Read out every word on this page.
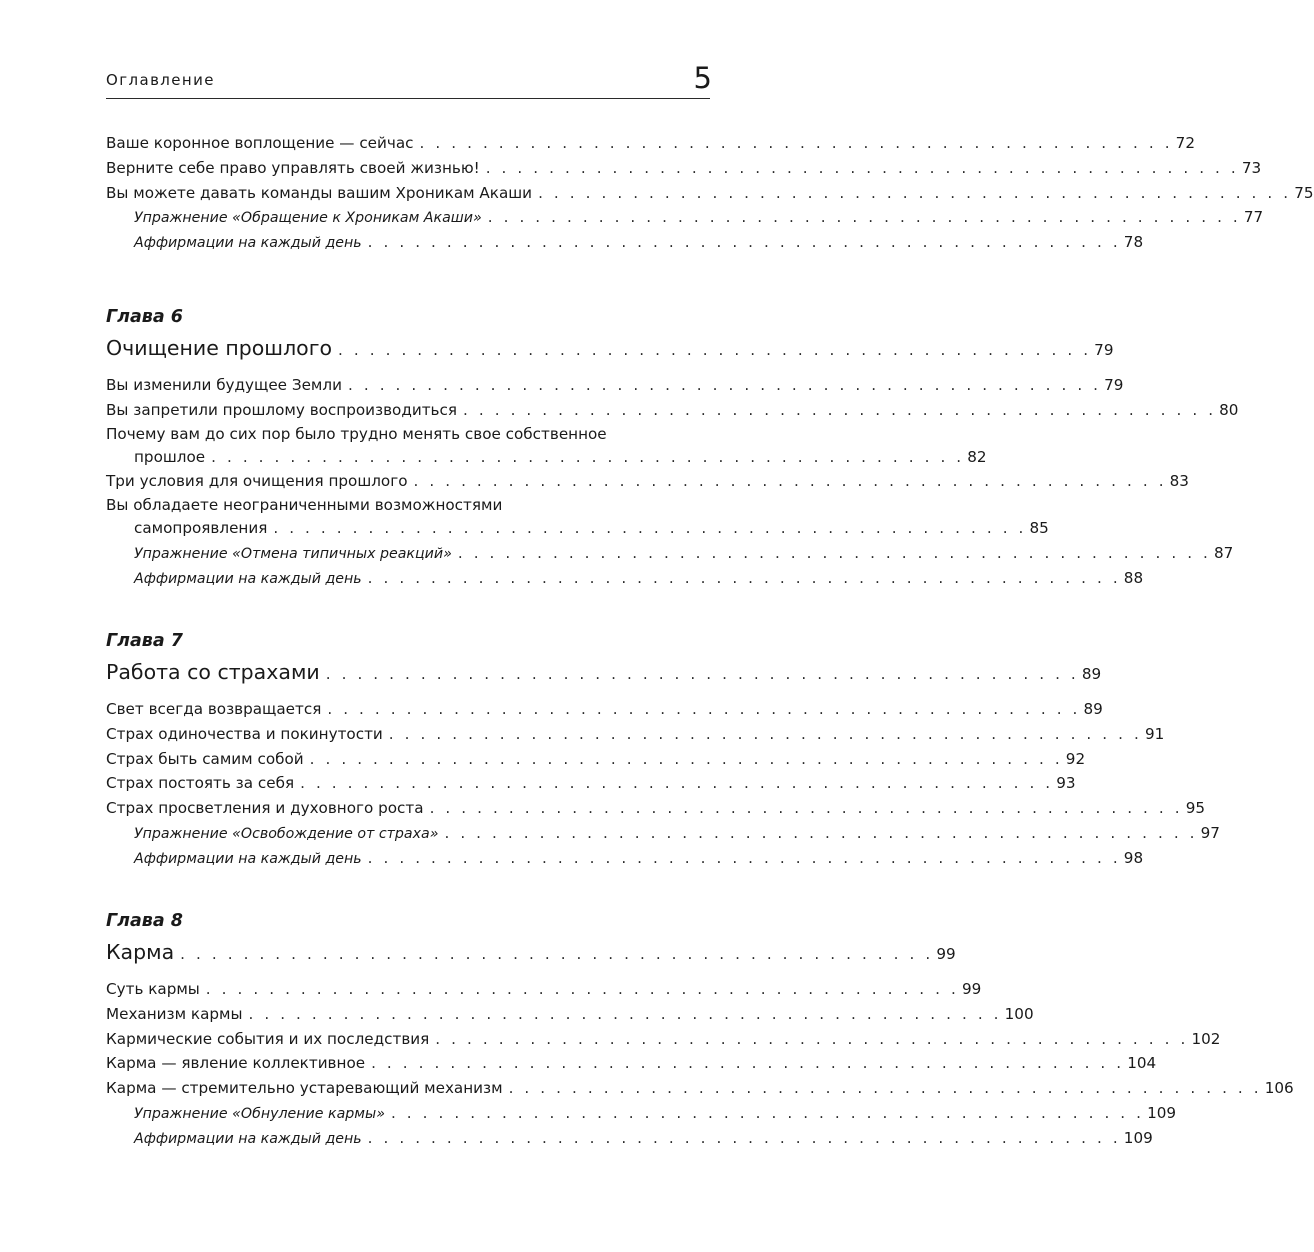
Оглавление	5
Ваше коронное воплощение — сейчас . . . . . . . . . . . . . . . . . . . . . . . . . . . . . . . . . . . . . . . . . . . . . . . . 72
Верните себе право управлять своей жизнью! . . . . . . . . . . . . . . . . . . . . . . . . . . . . . . . . . . . . . . . . . . . . . . . . 73
Вы можете давать команды вашим Хроникам Акаши . . . . . . . . . . . . . . . . . . . . . . . . . . . . . . . . . . . . . . . . . . . . . . . . 75
Упражнение «Обращение к Хроникам Акаши» . . . . . . . . . . . . . . . . . . . . . . . . . . . . . . . . . . . . . . . . . . . . . . . . 77
Аффирмации на каждый день . . . . . . . . . . . . . . . . . . . . . . . . . . . . . . . . . . . . . . . . . . . . . . . . 78
Глава 6
Очищение прошлого . . . . . . . . . . . . . . . . . . . . . . . . . . . . . . . . . . . . . . . . . . . . . . . . 79
Вы изменили будущее Земли . . . . . . . . . . . . . . . . . . . . . . . . . . . . . . . . . . . . . . . . . . . . . . . . 79
Вы запретили прошлому воспроизводиться . . . . . . . . . . . . . . . . . . . . . . . . . . . . . . . . . . . . . . . . . . . . . . . . 80
Почему вам до сих пор было трудно менять свое собственное
прошлое . . . . . . . . . . . . . . . . . . . . . . . . . . . . . . . . . . . . . . . . . . . . . . . . 82
Три условия для очищения прошлого . . . . . . . . . . . . . . . . . . . . . . . . . . . . . . . . . . . . . . . . . . . . . . . . 83
Вы обладаете неограниченными возможностями
самопроявления . . . . . . . . . . . . . . . . . . . . . . . . . . . . . . . . . . . . . . . . . . . . . . . . 85
Упражнение «Отмена типичных реакций» . . . . . . . . . . . . . . . . . . . . . . . . . . . . . . . . . . . . . . . . . . . . . . . . 87
Аффирмации на каждый день . . . . . . . . . . . . . . . . . . . . . . . . . . . . . . . . . . . . . . . . . . . . . . . . 88
Глава 7
Работа со страхами . . . . . . . . . . . . . . . . . . . . . . . . . . . . . . . . . . . . . . . . . . . . . . . . 89
Свет всегда возвращается . . . . . . . . . . . . . . . . . . . . . . . . . . . . . . . . . . . . . . . . . . . . . . . . 89
Страх одиночества и покинутости . . . . . . . . . . . . . . . . . . . . . . . . . . . . . . . . . . . . . . . . . . . . . . . . 91
Страх быть самим собой . . . . . . . . . . . . . . . . . . . . . . . . . . . . . . . . . . . . . . . . . . . . . . . . 92
Страх постоять за себя . . . . . . . . . . . . . . . . . . . . . . . . . . . . . . . . . . . . . . . . . . . . . . . . 93
Страх просветления и духовного роста . . . . . . . . . . . . . . . . . . . . . . . . . . . . . . . . . . . . . . . . . . . . . . . . 95
Упражнение «Освобождение от страха» . . . . . . . . . . . . . . . . . . . . . . . . . . . . . . . . . . . . . . . . . . . . . . . . 97
Аффирмации на каждый день . . . . . . . . . . . . . . . . . . . . . . . . . . . . . . . . . . . . . . . . . . . . . . . . 98
Глава 8
Карма . . . . . . . . . . . . . . . . . . . . . . . . . . . . . . . . . . . . . . . . . . . . . . . . 99
Суть кармы . . . . . . . . . . . . . . . . . . . . . . . . . . . . . . . . . . . . . . . . . . . . . . . . 99
Механизм кармы . . . . . . . . . . . . . . . . . . . . . . . . . . . . . . . . . . . . . . . . . . . . . . . . 100
Кармические события и их последствия . . . . . . . . . . . . . . . . . . . . . . . . . . . . . . . . . . . . . . . . . . . . . . . . 102
Карма — явление коллективное . . . . . . . . . . . . . . . . . . . . . . . . . . . . . . . . . . . . . . . . . . . . . . . . 104
Карма — стремительно устаревающий механизм . . . . . . . . . . . . . . . . . . . . . . . . . . . . . . . . . . . . . . . . . . . . . . . . 106
Упражнение «Обнуление кармы» . . . . . . . . . . . . . . . . . . . . . . . . . . . . . . . . . . . . . . . . . . . . . . . . 109
Аффирмации на каждый день . . . . . . . . . . . . . . . . . . . . . . . . . . . . . . . . . . . . . . . . . . . . . . . . 109
